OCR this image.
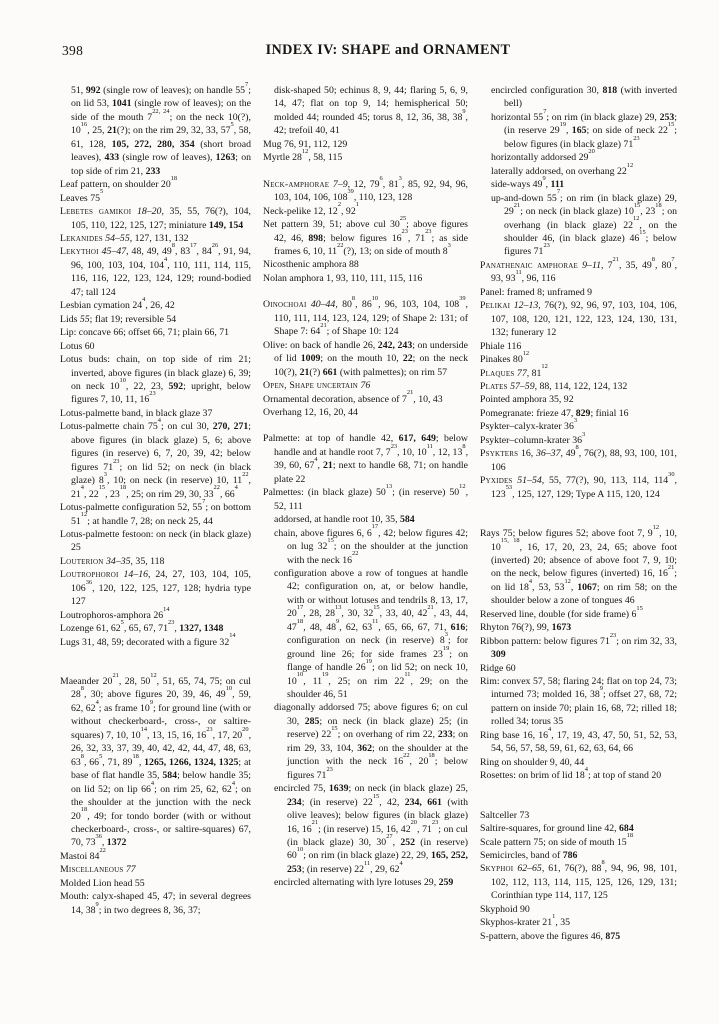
398	INDEX IV: SHAPE and ORNAMENT

51, 992 (single row of leaves); on handle $55^7$; on lid 53, 1041 (single row of leaves); on the side of the mouth 7$^{22, 24}$; on the neck 10(?), $10^{16}$, 25, 21(?); on the rim 29, 32, 33, $57^5$, 58, 61, 128, 105, 272, 280, 354 (short broad leaves), 433 (single row of leaves), 1263; on top side of rim 21, 233

Leaf pattern, on shoulder $20^{18}$

Leaves $75^5$

Lebetes gamikoi 18–20, 35, 55, 76(?), 104, 105, 110, 122, 125, 127; miniature 149, 154

Lekanides 54–55, 127, 131, 132

Lekythoi 45–47, 48, 49, $49^8$, $83^{17}$, $84^{26}$, 91, 94, 96, 100, 103, 104, $104^4$, 110, 111, 114, 115, 116, 116, 122, 123, 124, 129; round-bodied 47; tall 124

Lesbian cymation $24^4$, 26, 42

Lids 55; flat 19; reversible 54

Lip: concave 66; offset 66, 71; plain 66, 71

Lotus 60

Lotus buds: chain, on top side of rim 21; inverted, above figures (in black glaze) 6, 39; on neck $10^{10}$, 22, 23, 592; upright, below figures 7, 10, 11, $16^{23}$

Lotus-palmette band, in black glaze 37

Lotus-palmette chain $75^4$; on cul 30, 270, 271; above figures (in black glaze) 5, 6; above figures (in reserve) 6, 7, 20, 39, 42; below figures $71^{23}$; on lid 52; on neck (in black glaze) $8^3$, 10; on neck (in reserve) 10, $11^{22}$, $21^4$, $22^{15}$, $23^{18}$, 25; on rim 29, 30, $33^{22}$, $66^4$

Lotus-palmette configuration 52, $55^7$; on bottom $51^{12}$; at handle 7, 28; on neck 25, 44

Lotus-palmette festoon: on neck (in black glaze) 25

Louterion 34–35, 35, 118

Loutrophoroi 14–16, 24, 27, 103, 104, 105, $106^{36}$, 120, 122, 125, 127, 128; hydria type 127

Loutrophoros-amphora $26^{14}$

Lozenge 61, $62^5$, 65, 67, $71^{23}$, 1327, 1348

Lugs 31, 48, 59; decorated with a figure $32^{14}$

Maeander $20^{21}$, 28, $50^{12}$, 51, 65, 74, 75; on cul $28^8$, 30; above figures 20, 39, 46, $49^{10}$, 59, 62, $62^4$; as frame $10^9$; for ground line (with or without checkerboard-, cross-, or saltire-squares) 7, 10, $10^{14}$, 13, 15, 16, $16^{23}$, 17, $20^{20}$, 26, 32, 33, 37, 39, 40, 42, 42, 44, 47, 48, 63, $63^8$, $66^5$, 71, $89^{18}$, 1265, 1266, 1324, 1325; at base of flat handle 35, 584; below handle 35; on lid 52; on lip $66^4$; on rim 25, 62, $62^4$; on the shoulder at the junction with the neck $20^{18}$, 49; for tondo border (with or without checkerboard-, cross-, or saltire-squares) 67, 70, $73^{36}$, 1372

Mastoi $84^{22}$

Miscellaneous 77

Molded Lion head 55

Mouth: calyx-shaped 45, 47; in several degrees 14, $38^9$; in two degrees 8, 36, 37;

disk-shaped 50; echinus 8, 9, 44; flaring 5, 6, 9, 14, 47; flat on top 9, 14; hemispherical 50; molded 44; rounded 45; torus 8, 12, 36, 38, $38^9$, 42; trefoil 40, 41

Mug 76, 91, 112, 129

Myrtle $28^{12}$, 58, 115

Neck-amphorae 7–9, 12, $79^6$, $81^3$, 85, 92, 94, 96, 103, 104, 106, $108^{39}$, 110, 123, 128

Neck-pelike 12, $12^2$, $92^1$

Net pattern 39, 51; above cul $30^{25}$; above figures 42, 46, 898; below figures $16^{23}$, $71^{23}$; as side frames 6, 10, $11^{22}(?)$, 13; on side of mouth $8^3$

Nicosthenic amphora 88

Nolan amphora 1, 93, 110, 111, 115, 116

Oinochoai 40–44, $80^8$, $86^{10}$, 96, 103, 104, $108^{39}$, 110, 111, 114, 123, 124, 129; of Shape 2: 131; of Shape 7: $64^{21}$; of Shape 10: 124

Olive: on back of handle 26, 242, 243; on underside of lid 1009; on the mouth 10, 22; on the neck 10(?), 21(?) 661 (with palmettes); on rim 57

Open, Shape uncertain 76

Ornamental decoration, absence of $7^{21}$, 10, 43

Overhang 12, 16, 20, 44

Palmette: at top of handle 42, 617, 649; below handle and at handle root 7, $7^{23}$, 10, $10^{11}$, 12, $13^8$, 39, 60, $67^4$, 21; next to handle 68, 71; on handle plate 22

Palmettes: (in black glaze) $50^{13}$; (in reserve) $50^{12}$, 52, 111

addorsed, at handle root 10, 35, 584

chain, above figures 6, $6^{17}$, 42; below figures 42; on lug $32^{15}$; on the shoulder at the junction with the neck $16^{22}$

configuration above a row of tongues at handle 42; configuration on, at, or below handle, with or without lotuses and tendrils 8, 13, 17, $20^{17}$, 28, $28^{13}$, 30, $32^{15}$, 33, 40, $42^{21}$, 43, 44, $47^{18}$, 48, $48^9$, 62, $63^{11}$, 65, 66, 67, 71, 616; configuration on neck (in reserve) $8^3$; for ground line 26; for side frames $23^{19}$; on flange of handle $26^{19}$; on lid 52; on neck 10, $10^{10}$, $11^{19}$, 25; on rim $22^{11}$, 29; on the shoulder 46, 51

diagonally addorsed 75; above figures 6; on cul 30, 285; on neck (in black glaze) 25; (in reserve) $22^{15}$; on overhang of rim 22, 233; on rim 29, 33, 104, 362; on the shoulder at the junction with the neck $16^{22}$, $20^{18}$; below figures $71^{23}$

encircled 75, 1639; on neck (in black glaze) 25, 234; (in reserve) $22^{15}$, 42, 234, 661 (with olive leaves); below figures (in black glaze) 16, $16^{21}$; (in reserve) 15, 16, $42^{20}$, $71^{23}$; on cul (in black glaze) 30, $30^{27}$, 252 (in reserve) $60^{10}$; on rim (in black glaze) 22, 29, 165, 252, 253; (in reserve) $22^{11}$, 29, $62^4$

encircled alternating with lyre lotuses 29, 259

encircled configuration 30, 818 (with inverted bell)

horizontal $55^7$; on rim (in black glaze) 29, 253; (in reserve $29^{19}$, 165; on side of neck $22^{15}$; below figures (in black glaze) $71^{23}$

horizontally addorsed $29^{20}$

laterally addorsed, on overhang $22^{12}$

side-ways $49^9$, 111

up-and-down $55^7$; on rim (in black glaze) 29, $29^{21}$; on neck (in black glaze) $10^{15}$, $23^{18}$; on overhang (in black glaze) $22^{12}$, on the shoulder 46, (in black glaze) $46^{15}$; below figures $71^{23}$

Panathenaic amphorae 9–11, $7^{21}$, 35, $49^8$, $80^7$, 93, $93^{11}$, 96, 116

Panel: framed 8; unframed 9

Pelikai 12–13, 76(?), 92, 96, 97, 103, 104, 106, 107, 108, 120, 121, 122, 123, 124, 130, 131, 132; funerary 12

Phiale 116

Pinakes $80^{12}$

Plaques 77, $81^{12}$

Plates 57–59, 88, 114, 122, 124, 132

Pointed amphora 35, 92

Pomegranate: frieze 47, 829; finial 16

Psykter–calyx-krater $36^3$

Psykter–column-krater $36^3$

Psykters 16, 36–37, $49^8$, 76(?), 88, 93, 100, 101, 106

Pyxides 51–54, 55, 77(?), 90, 113, 114, $114^{30}$, $123^{53}$, 125, 127, 129; Type A 115, 120, 124

Rays 75; below figures 52; above foot 7, $9^{12}$, 10, 10$^{15, 18}$, 16, 17, 20, 23, 24, 65; above foot (inverted) 20; absence of above foot 7, 9, 10; on the neck, below figures (inverted) 16, $16^{21}$; on lid $18^4$, 53, $53^{12}$, 1067; on rim 58; on the shoulder below a zone of tongues 46

Reserved line, double (for side frame) $6^{15}$

Rhyton 76(?), 99, 1673

Ribbon pattern: below figures $71^{23}$; on rim 32, 33, 309

Ridge 60

Rim: convex 57, 58; flaring 24; flat on top 24, 73; inturned 73; molded 16, $38^9$; offset 27, 68, 72; pattern on inside 70; plain 16, 68, 72; rilled 18; rolled 34; torus 35

Ring base 16, $16^4$, 17, 19, 43, 47, 50, 51, 52, 53, 54, 56, 57, 58, 59, 61, 62, 63, 64, 66

Ring on shoulder 9, 40, 44

Rosettes: on brim of lid $18^4$; at top of stand 20

Saltceller 73

Saltire-squares, for ground line 42, 684

Scale pattern 75; on side of mouth $15^{18}$

Semicircles, band of 786

Skyphoi 62–65, 61, 76(?), $88^8$, 94, 96, 98, 101, 102, 112, 113, 114, 115, 125, 126, 129, 131; Corinthian type 114, 117, 125

Skyphoid 90

Skyphos-krater $21^1$, 35

S-pattern, above the figures 46, 875
